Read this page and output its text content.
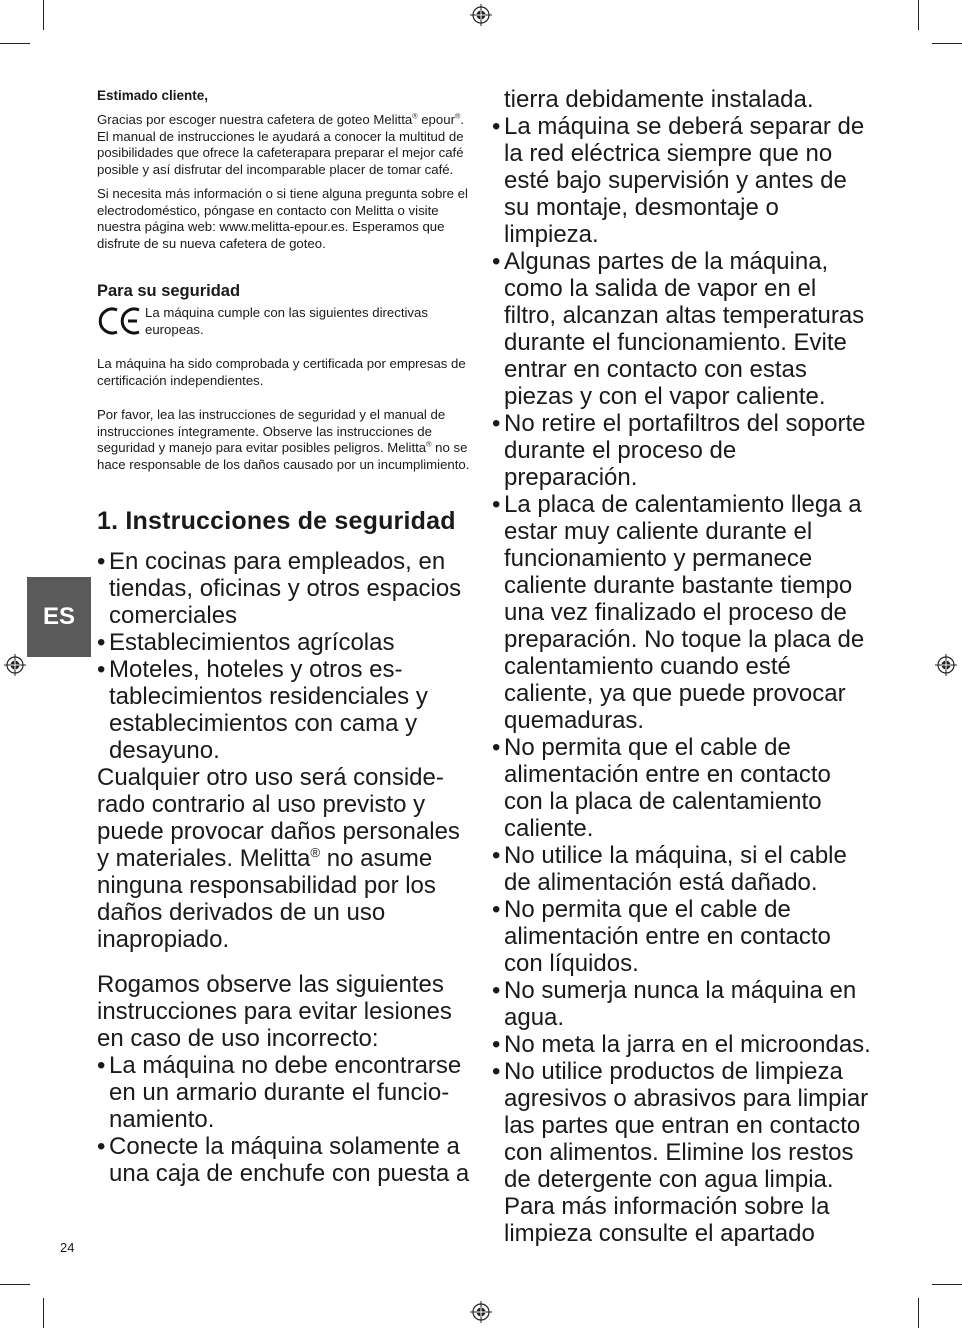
ES
24

Estimado cliente,

Gracias por escoger nuestra cafetera de goteo Melitta® epour®. El manual de instrucciones le ayudará a conocer la multitud de posibilidades que ofrece la cafeterapara preparar el mejor café posible y así disfrutar del incomparable placer de tomar café.

Si necesita más información o si tiene alguna pregunta sobre el electrodoméstico, póngase en contacto con Melitta o visite nuestra página web: www.melitta-epour.es. Esperamos que disfrute de su nueva cafetera de goteo.

Para su seguridad

La máquina cumple con las siguientes directivas europeas.

La máquina ha sido comprobada y certificada por empresas de certificación independientes.

Por favor, lea las instrucciones de seguridad y el manual de instrucciones íntegramente. Observe las instrucciones de seguridad y manejo para evitar posibles peligros. Melitta® no se hace responsable de los daños causado por un incumplimiento.

1. Instrucciones de seguridad
• En cocinas para empleados, en tiendas, oficinas y otros espacios comerciales
• Establecimientos agrícolas
• Moteles, hoteles y otros es-tablecimientos residenciales y establecimientos con cama y desayuno.

Cualquier otro uso será conside-rado contrario al uso previsto y puede provocar daños personales y materiales. Melitta® no asume ninguna responsabilidad por los daños derivados de un uso inapropiado.

Rogamos observe las siguientes instrucciones para evitar lesiones en caso de uso incorrecto:

• La máquina no debe encontrarse en un armario durante el funcio-namiento.
• Conecte la máquina solamente a una caja de enchufe con puesta a

tierra debidamente instalada.

• La máquina se deberá separar de la red eléctrica siempre que no esté bajo supervisión y antes de su montaje, desmontaje o limpieza.
• Algunas partes de la máquina, como la salida de vapor en el filtro, alcanzan altas temperaturas durante el funcionamiento. Evite entrar en contacto con estas piezas y con el vapor caliente.
• No retire el portafiltros del soporte durante el proceso de preparación.
• La placa de calentamiento llega a estar muy caliente durante el funcionamiento y permanece caliente durante bastante tiempo una vez finalizado el proceso de preparación. No toque la placa de calentamiento cuando esté caliente, ya que puede provocar quemaduras.
• No permita que el cable de alimentación entre en contacto con la placa de calentamiento caliente.
• No utilice la máquina, si el cable de alimentación está dañado.
• No permita que el cable de alimentación entre en contacto con líquidos.
• No sumerja nunca la máquina en agua.
• No meta la jarra en el microondas.
• No utilice productos de limpieza agresivos o abrasivos para limpiar las partes que entran en contacto con alimentos. Elimine los restos de detergente con agua limpia. Para más información sobre la limpieza consulte el apartado
